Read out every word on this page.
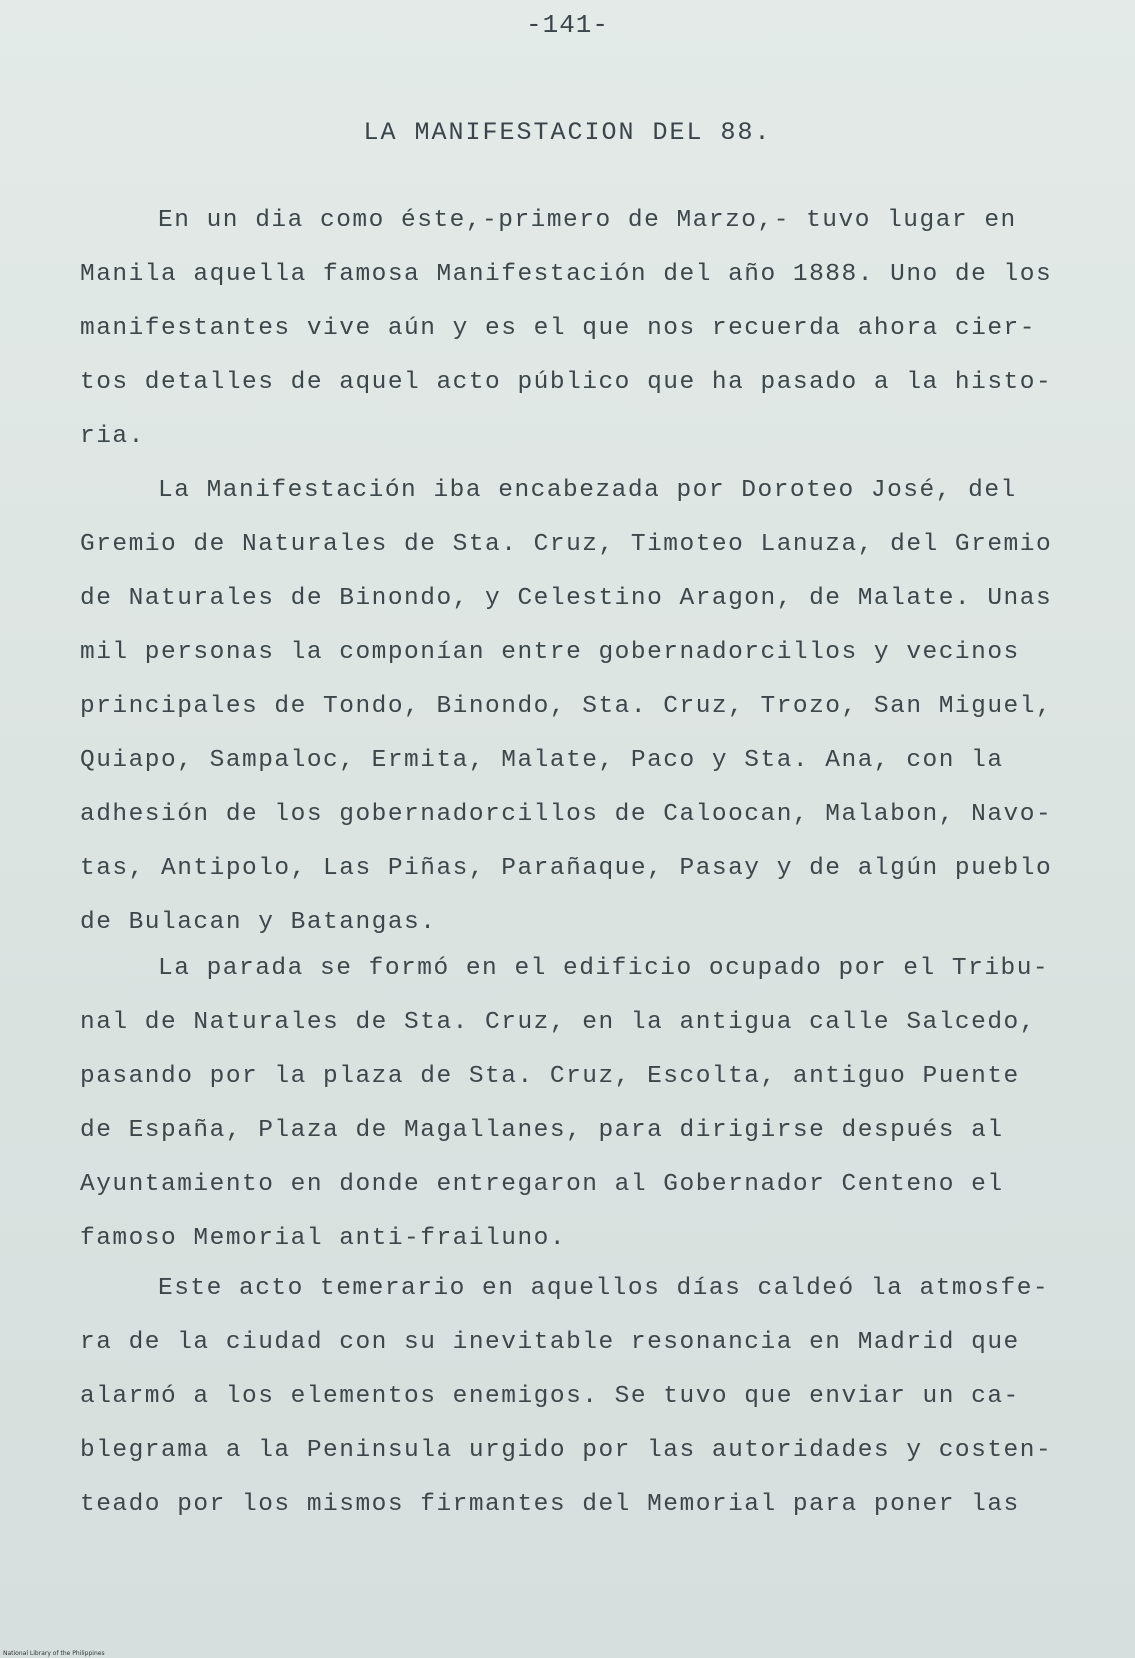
-141-
LA MANIFESTACION DEL 88.
En un dia como éste,-primero de Marzo,- tuvo lugar en
Manila aquella famosa Manifestación del año 1888. Uno de los
manifestantes vive aún y es el que nos recuerda ahora cier-
tos detalles de aquel acto público que ha pasado a la histo-
ria.
La Manifestación iba encabezada por Doroteo José, del
Gremio de Naturales de Sta. Cruz, Timoteo Lanuza, del Gremio
de Naturales de Binondo, y Celestino Aragon, de Malate. Unas
mil personas la componían entre gobernadorcillos y vecinos
principales de Tondo, Binondo, Sta. Cruz, Trozo, San Miguel,
Quiapo, Sampaloc, Ermita, Malate, Paco y Sta. Ana, con la
adhesión de los gobernadorcillos de Caloocan, Malabon, Navo-
tas, Antipolo, Las Piñas, Parañaque, Pasay y de algún pueblo
de Bulacan y Batangas.
La parada se formó en el edificio ocupado por el Tribu-
nal de Naturales de Sta. Cruz, en la antigua calle Salcedo,
pasando por la plaza de Sta. Cruz, Escolta, antiguo Puente
de España, Plaza de Magallanes, para dirigirse después al
Ayuntamiento en donde entregaron al Gobernador Centeno el
famoso Memorial anti-frailuno.
Este acto temerario en aquellos días caldeó la atmosfe-
ra de la ciudad con su inevitable resonancia en Madrid que
alarmó a los elementos enemigos. Se tuvo que enviar un ca-
blegrama a la Peninsula urgido por las autoridades y costen-
teado por los mismos firmantes del Memorial para poner las
National Library of the Philippines
